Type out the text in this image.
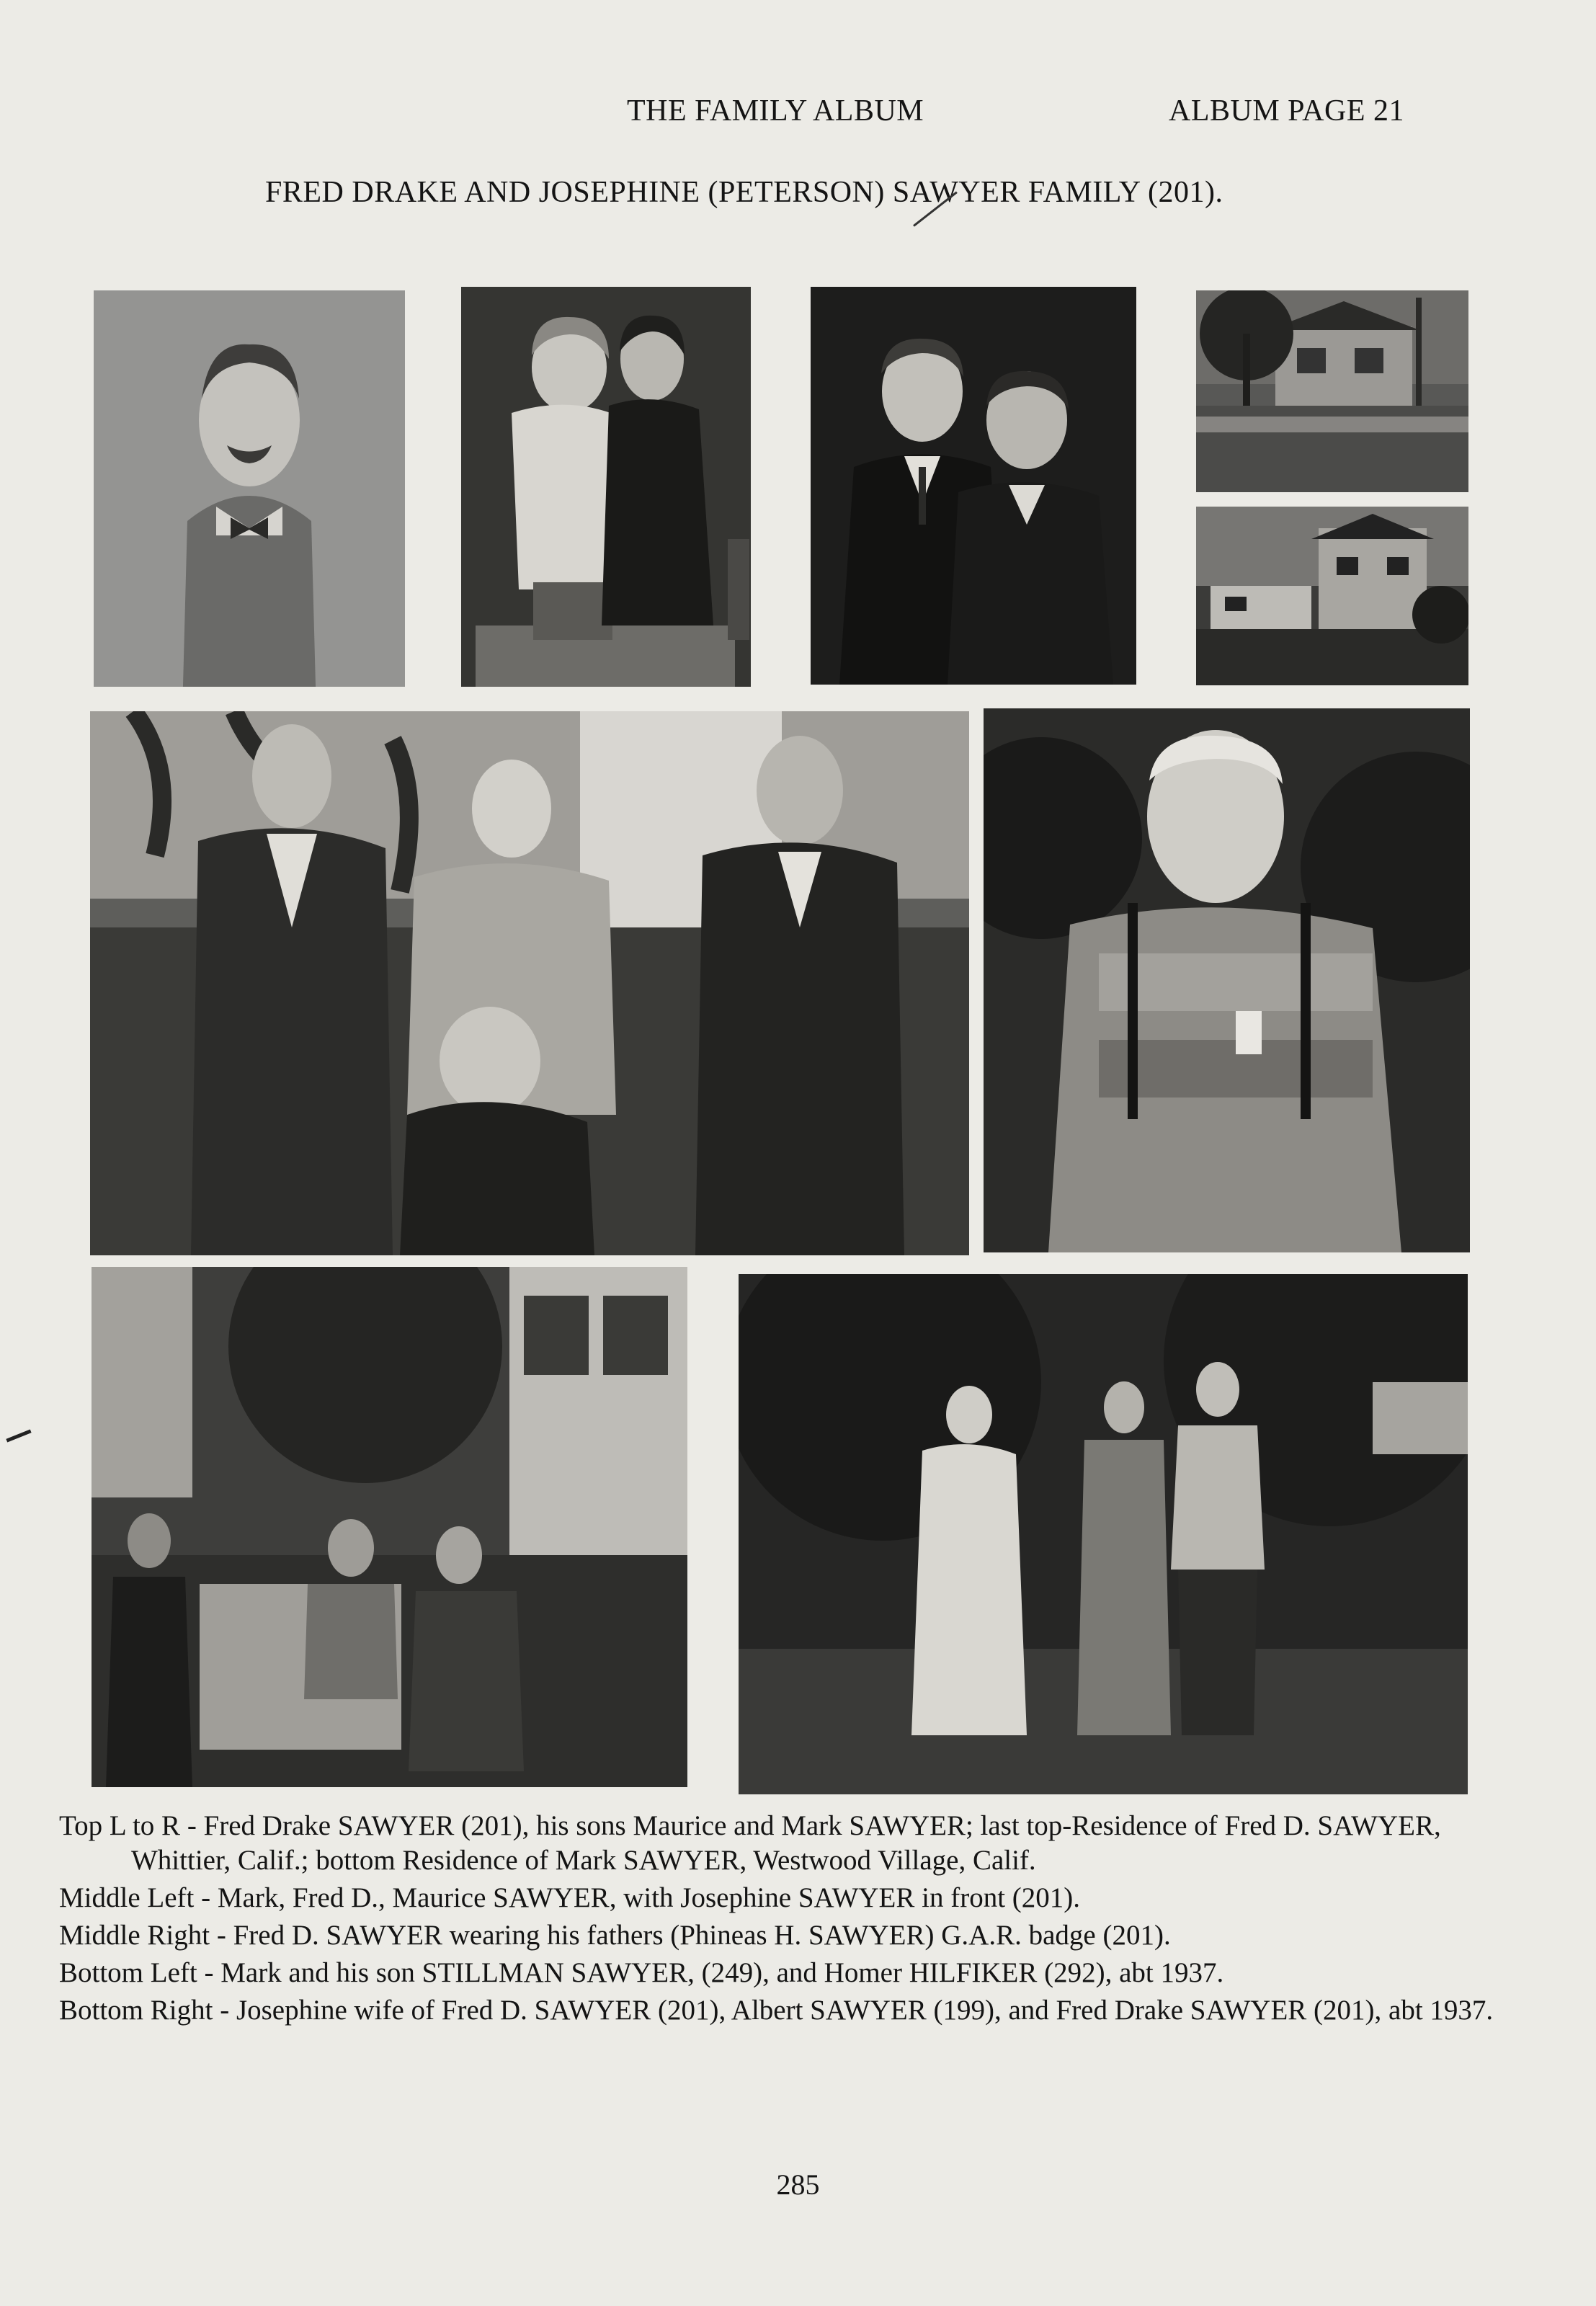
THE FAMILY ALBUM	ALBUM PAGE 21
FRED DRAKE AND JOSEPHINE (PETERSON) SAWYER FAMILY (201).

Top L to R - Fred Drake SAWYER (201), his sons Maurice and Mark SAWYER; last top-Residence of Fred D. SAWYER, Whittier, Calif.; bottom Residence of Mark SAWYER, Westwood Village, Calif.

Middle Left - Mark, Fred D., Maurice SAWYER, with Josephine SAWYER in front (201).

Middle Right - Fred D. SAWYER wearing his fathers (Phineas H. SAWYER) G.A.R. badge (201).

Bottom Left - Mark and his son STILLMAN SAWYER, (249), and Homer HILFIKER (292), abt 1937.

Bottom Right - Josephine wife of Fred D. SAWYER (201), Albert SAWYER (199), and Fred Drake SAWYER (201), abt 1937.

285
